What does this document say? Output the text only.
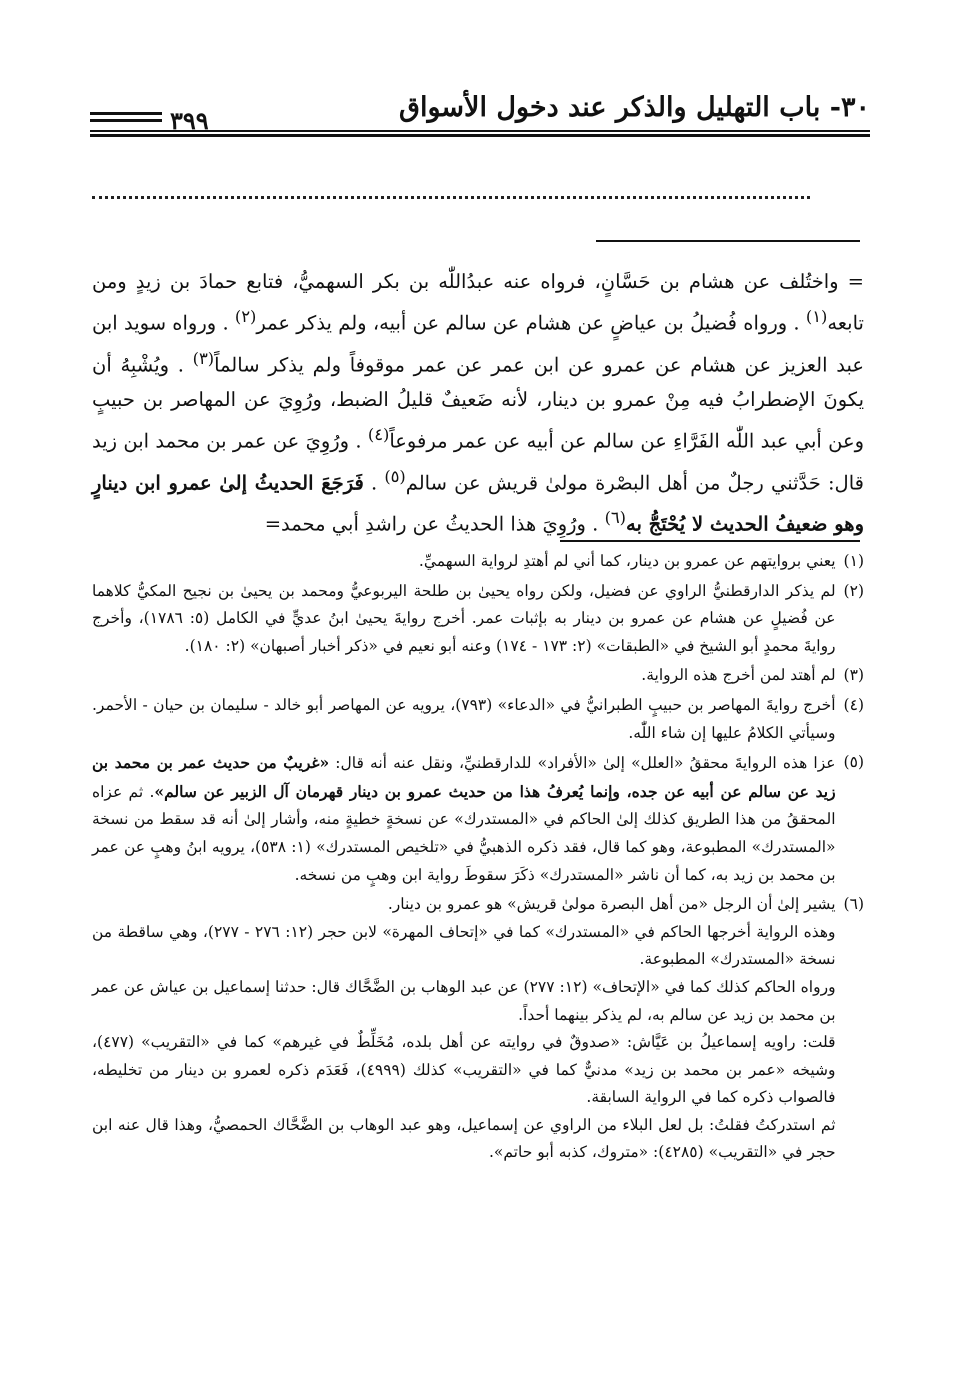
٣٠- باب التهليل والذكر عند دخول الأسواق
٣٩٩

= واختُلف عن هشام بن حَسَّانٍ، فرواه عنه عبدُاللّٰه بن بكر السهميُّ، فتابع حمادَ بن زيدٍ ومن تابعه$^{(١)}$ . ورواه فُضيلُ بن عياضٍ عن هشام عن سالم عن أبيه، ولم يذكر عمر$^{(٢)}$ . ورواه سويد ابن عبد العزيز عن هشام عن عمرو عن ابن عمر عن عمر موقوفاً ولم يذكر سالماً$^{(٣)}$ . ويُشْبِهُ أن يكونَ الإضطرابُ فيه مِنْ عمرو بن دينار، لأنه ضَعيفٌ قليلُ الضبط، ورُوِيَ عن المهاصر بن حبيبٍ وعن أبي عبد اللّٰه الفَرَّاءِ عن سالم عن أبيه عن عمر مرفوعاً$^{(٤)}$ . ورُوِيَ عن عمر بن محمد ابن زيد قال: حَدَّثني رجلٌ من أهل البصْرة مولىٰ قريش عن سالم$^{(٥)}$ . فَرَجَعَ الحديثُ إلىٰ عمرو ابن دينارٍ وهو ضعيفُ الحديث لا يُحْتَجُّ به$^{(٦)}$ . ورُوِيَ هذا الحديثُ عن راشدِ أبي محمد=

(١)

يعني بروايتهم عن عمرو بن دينار، كما أني لم أهتدِ لرواية السهميِّ.

(٢)

لم يذكر الدارقطنيُّ الراوي عن فضيل، ولكن رواه يحيىٰ بن طلحة اليربوعيُّ ومحمد بن يحيىٰ بن نجيح المكيُّ كلاهما عن فُضيلٍ عن هشام عن عمرو بن دينار به بإثبات عمر. أخرج روايةَ يحيىٰ ابنُ عديٍّ في الكامل (٥: ١٧٨٦)، وأخرج روايةَ محمدٍ أبو الشيخ في «الطبقات» (٢: ١٧٣ - ١٧٤) وعنه أبو نعيم في «ذكر أخبار أصبهان» (٢: ١٨٠).

(٣)

لم أهتد لمن أخرج هذه الرواية.

(٤)

أخرج روايةَ المهاصر بن حبيبٍ الطبرانيُّ في «الدعاء» (٧٩٣)، يرويه عن المهاصر أبو خالد - سليمان بن حيان - الأحمر. وسيأتي الكلامُ عليها إن شاء اللّٰه.

(٥)

عزا هذه الروايةَ محققُ «العلل» إلىٰ «الأفراد» للدارقطنيِّ، ونقل عنه أنه قال: «غريبٌ من حديث عمر بن محمد بن زيد عن سالم عن أبيه عن جده، وإنما يُعرفُ هذا من حديث عمرو بن دينار قهرمان آل الزبير عن سالم». ثم عزاه المحققُ من هذا الطريق كذلك إلىٰ الحاكم في «المستدرك» عن نسخةٍ خطيةٍ منه، وأشار إلىٰ أنه قد سقط من نسخة «المستدرك» المطبوعة، وهو كما قال، فقد ذكره الذهبيُّ في «تلخيص المستدرك» (١: ٥٣٨)، يرويه ابنُ وهبٍ عن عمر بن محمد بن زيد به، كما أن ناشر «المستدرك» ذكَرَ سقوطَ رواية ابن وهبٍ من نسخه.

(٦)

يشير إلىٰ أن الرجل «من أهل البصرة مولىٰ قريش» هو عمرو بن دينار.

وهذه الرواية أخرجها الحاكم في «المستدرك» كما في «إتحاف المهرة» لابن حجر (١٢: ٢٧٦ - ٢٧٧)، وهي ساقطة من نسخة «المستدرك» المطبوعة.

ورواه الحاكم كذلك كما في «الإتحاف» (١٢: ٢٧٧) عن عبد الوهاب بن الضَّحَّاك قال: حدثنا إسماعيل بن عياش عن عمر بن محمد بن زيد عن سالم به، لم يذكر بينهما أحداً.

قلت: راويه إسماعيلُ بن عَيَّاش: «صدوقٌ في روايته عن أهل بلده، مُخَلِّطٌ في غيرهم» كما في «التقريب» (٤٧٧)، وشيخه «عمر بن محمد بن زيد» مدنيٌّ كما في «التقريب» كذلك (٤٩٩٩)، فَعَدَم ذكره لعمرو بن دينار من تخليطه، فالصواب ذكره كما في الرواية السابقة.

ثم استدركتُ فقلتُ: بل لعل البلاء من الراوي عن إسماعيل، وهو عبد الوهاب بن الضَّحَّاك الحمصيُّ، وهذا قال عنه ابن حجر في «التقريب» (٤٢٨٥): «متروك، كذبه أبو حاتم».
